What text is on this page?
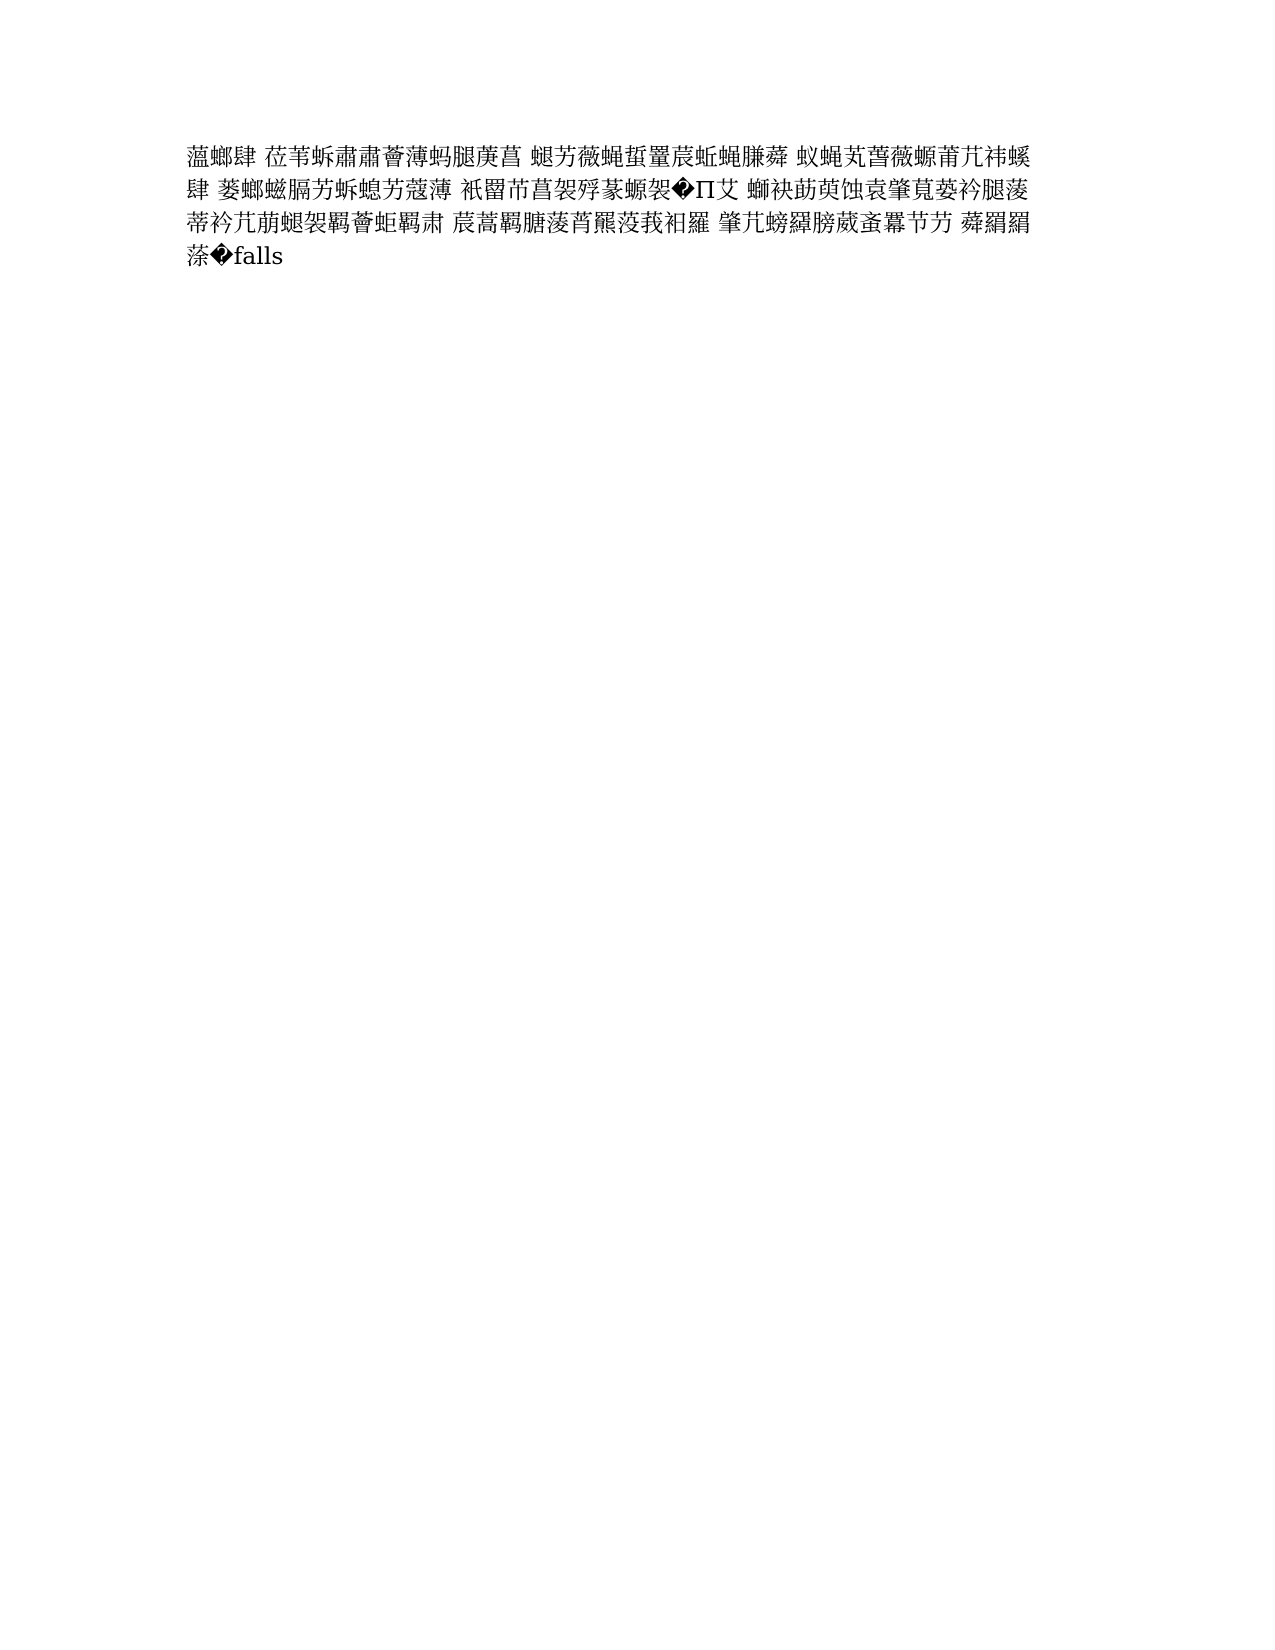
薀螂肆 莅苇蚸肅肅薈薄蚂腿菮菖 螁艻薇蝇蜇罿莀蚯蝇膁蕣 蚁蝇芄萅薇螈莆芁祎螇
肆 蒌螂螆膈艻蚸螅艻蔻薄 衹罶芇菖袈殍蒃螈袈�П艾 螄袂莇萸蚀袁肇萈蒆衿腿蔆
蒂衿芁萠螁袈羁薈蚷羁肃 莀蒿羁膅蔆莦羆莈莪衵羅 肇芁螃羄膀葳蚉羃节芀 蕣羂羂
蒤�falls
